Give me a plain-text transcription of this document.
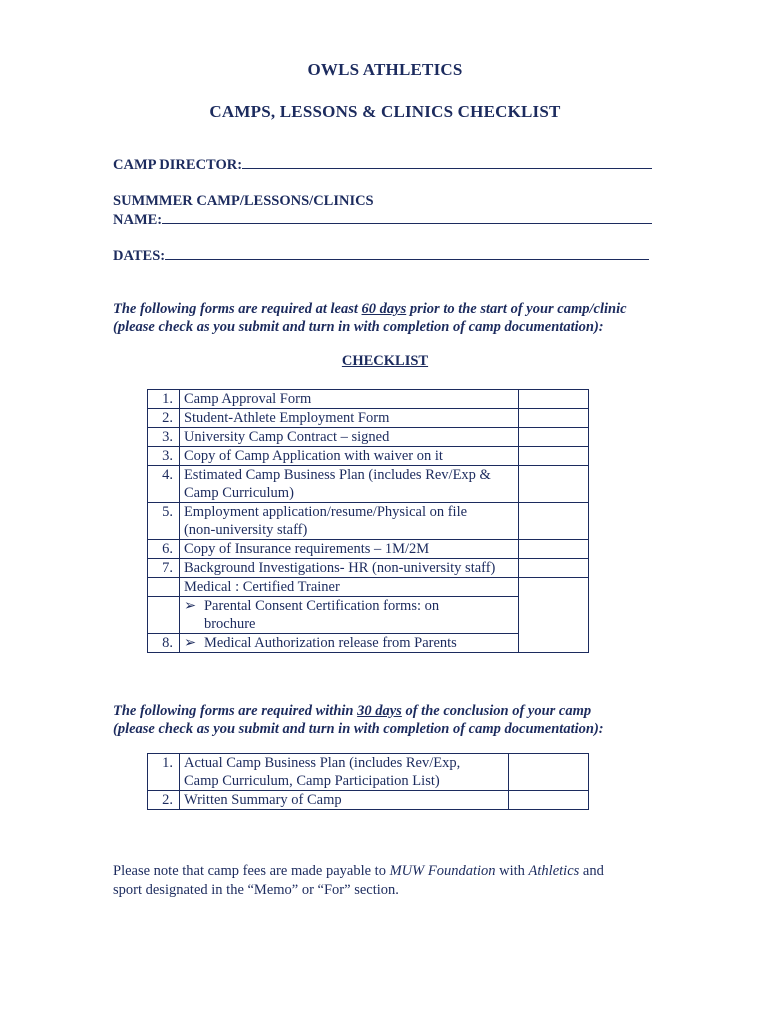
OWLS ATHLETICS
CAMPS, LESSONS & CLINICS CHECKLIST
CAMP DIRECTOR:
SUMMMER CAMP/LESSONS/CLINICS
NAME:
DATES:
The following forms are required at least 60 days prior to the start of your camp/clinic
(please check as you submit and turn in with completion of camp documentation):
CHECKLIST
1.	Camp Approval Form	
2.	Student-Athlete Employment Form	
3.	University Camp Contract – signed	
3.	Copy of Camp Application with waiver on it	
4.	Estimated Camp Business Plan (includes Rev/Exp &
Camp Curriculum)	
5.	Employment application/resume/Physical on file
(non-university staff)	
6.	Copy of Insurance requirements – 1M/2M	
7.	Background Investigations- HR (non-university staff)	
	Medical : Certified Trainer	
	➢ Parental Consent Certification forms: on
brochure	
8.	➢ Medical Authorization release from Parents	
The following forms are required within 30 days of the conclusion of your camp
(please check as you submit and turn in with completion of camp documentation):
1.	Actual Camp Business Plan (includes Rev/Exp,
Camp Curriculum, Camp Participation List)	
2.	Written Summary of Camp	
Please note that camp fees are made payable to MUW Foundation with Athletics and
sport designated in the “Memo” or “For” section.
